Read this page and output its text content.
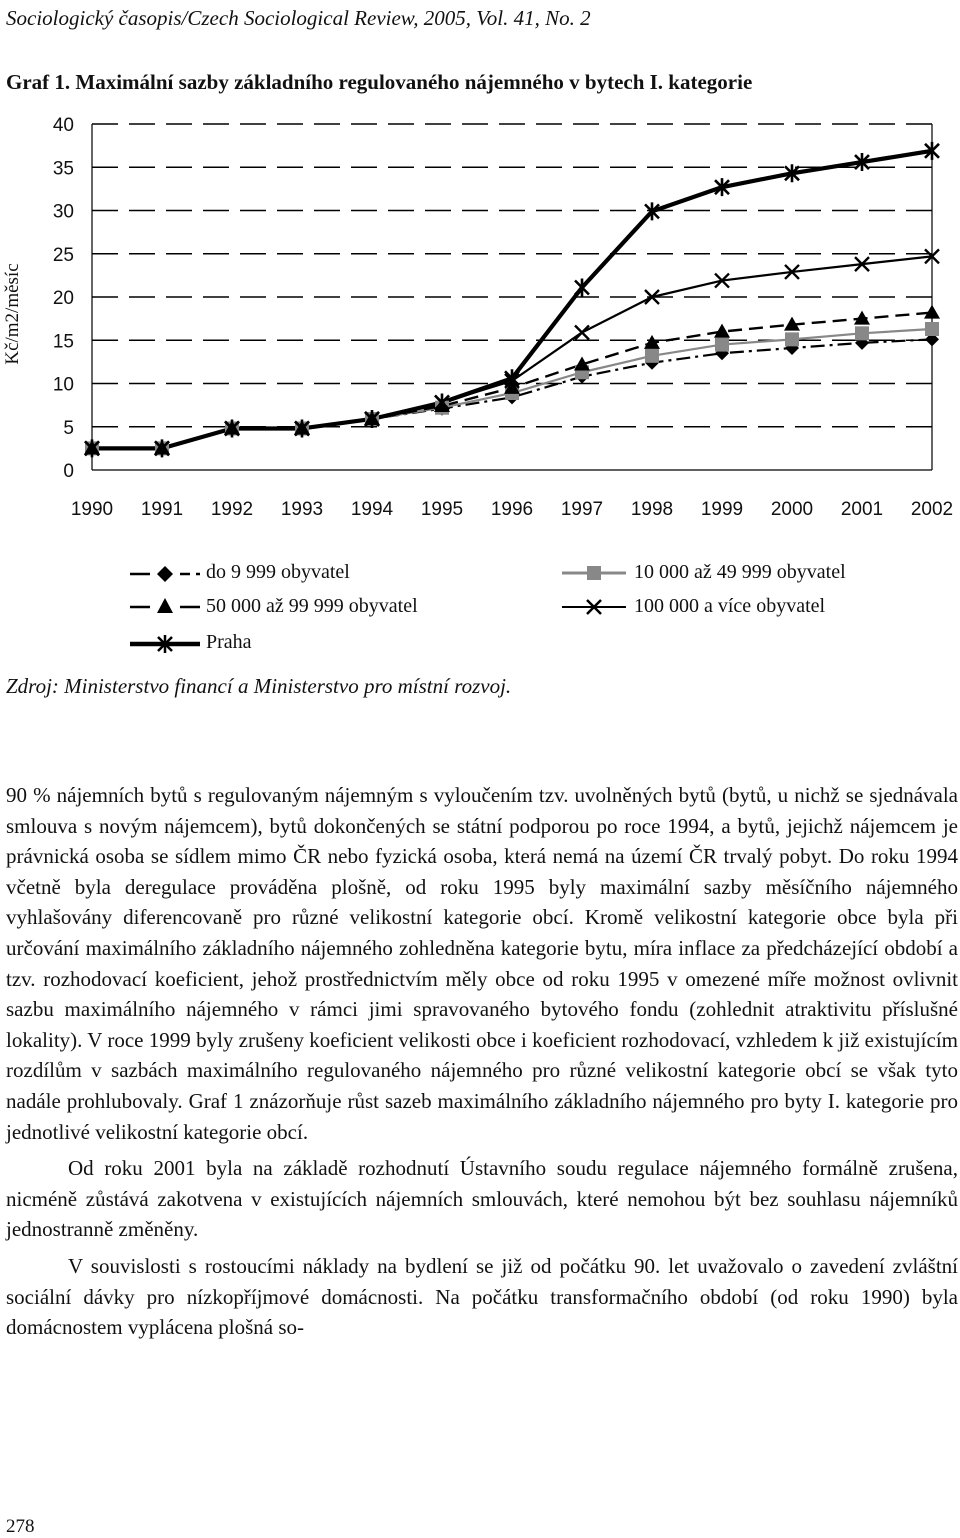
Sociologický časopis/Czech Sociological Review, 2005, Vol. 41, No. 2
Graf 1. Maximální sazby základního regulovaného nájemného v bytech I. kategorie
Kč/m2/měsíc
0
5
10
15
20
25
30
35
40
1990 1991 1992 1993 1994 1995 1996 1997 1998 1999 2000 2001 2002
do 9 999 obyvatel	10 000 až 49 999 obyvatel
50 000 až 99 999 obyvatel	100 000 a více obyvatel
Praha
Zdroj: Ministerstvo financí a Ministerstvo pro místní rozvoj.

90 % nájemních bytů s regulovaným nájemným s vyloučením tzv. uvolněných bytů (bytů, u nichž se sjednávala smlouva s novým nájemcem), bytů dokončených se státní podporou po roce 1994, a bytů, jejichž nájemcem je právnická osoba se sídlem mimo ČR nebo fyzická osoba, která nemá na území ČR trvalý pobyt. Do roku 1994 včetně byla deregulace prováděna plošně, od roku 1995 byly maximální sazby měsíčního nájemného vyhlašovány diferencovaně pro různé velikostní kategorie obcí. Kromě velikostní kategorie obce byla při určování maximálního základního nájemného zohledněna kategorie bytu, míra inflace za předcházející období a tzv. rozhodovací koeficient, jehož prostřednictvím měly obce od roku 1995 v omezené míře možnost ovlivnit sazbu maximálního nájemného v rámci jimi spravovaného bytového fondu (zohlednit atraktivitu příslušné lokality). V roce 1999 byly zrušeny koeficient velikosti obce i koeficient rozhodovací, vzhledem k již existujícím rozdílům v sazbách maximálního regulovaného nájemného pro různé velikostní kategorie obcí se však tyto nadále prohlubovaly. Graf 1 znázorňuje růst sazeb maximálního základního nájemného pro byty I. kategorie pro jednotlivé velikostní kategorie obcí.

Od roku 2001 byla na základě rozhodnutí Ústavního soudu regulace nájemného formálně zrušena, nicméně zůstává zakotvena v existujících nájemních smlouvách, které nemohou být bez souhlasu nájemníků jednostranně změněny.

V souvislosti s rostoucími náklady na bydlení se již od počátku 90. let uvažovalo o zavedení zvláštní sociální dávky pro nízkopříjmové domácnosti. Na počátku transformačního období (od roku 1990) byla domácnostem vyplácena plošná so-

278
